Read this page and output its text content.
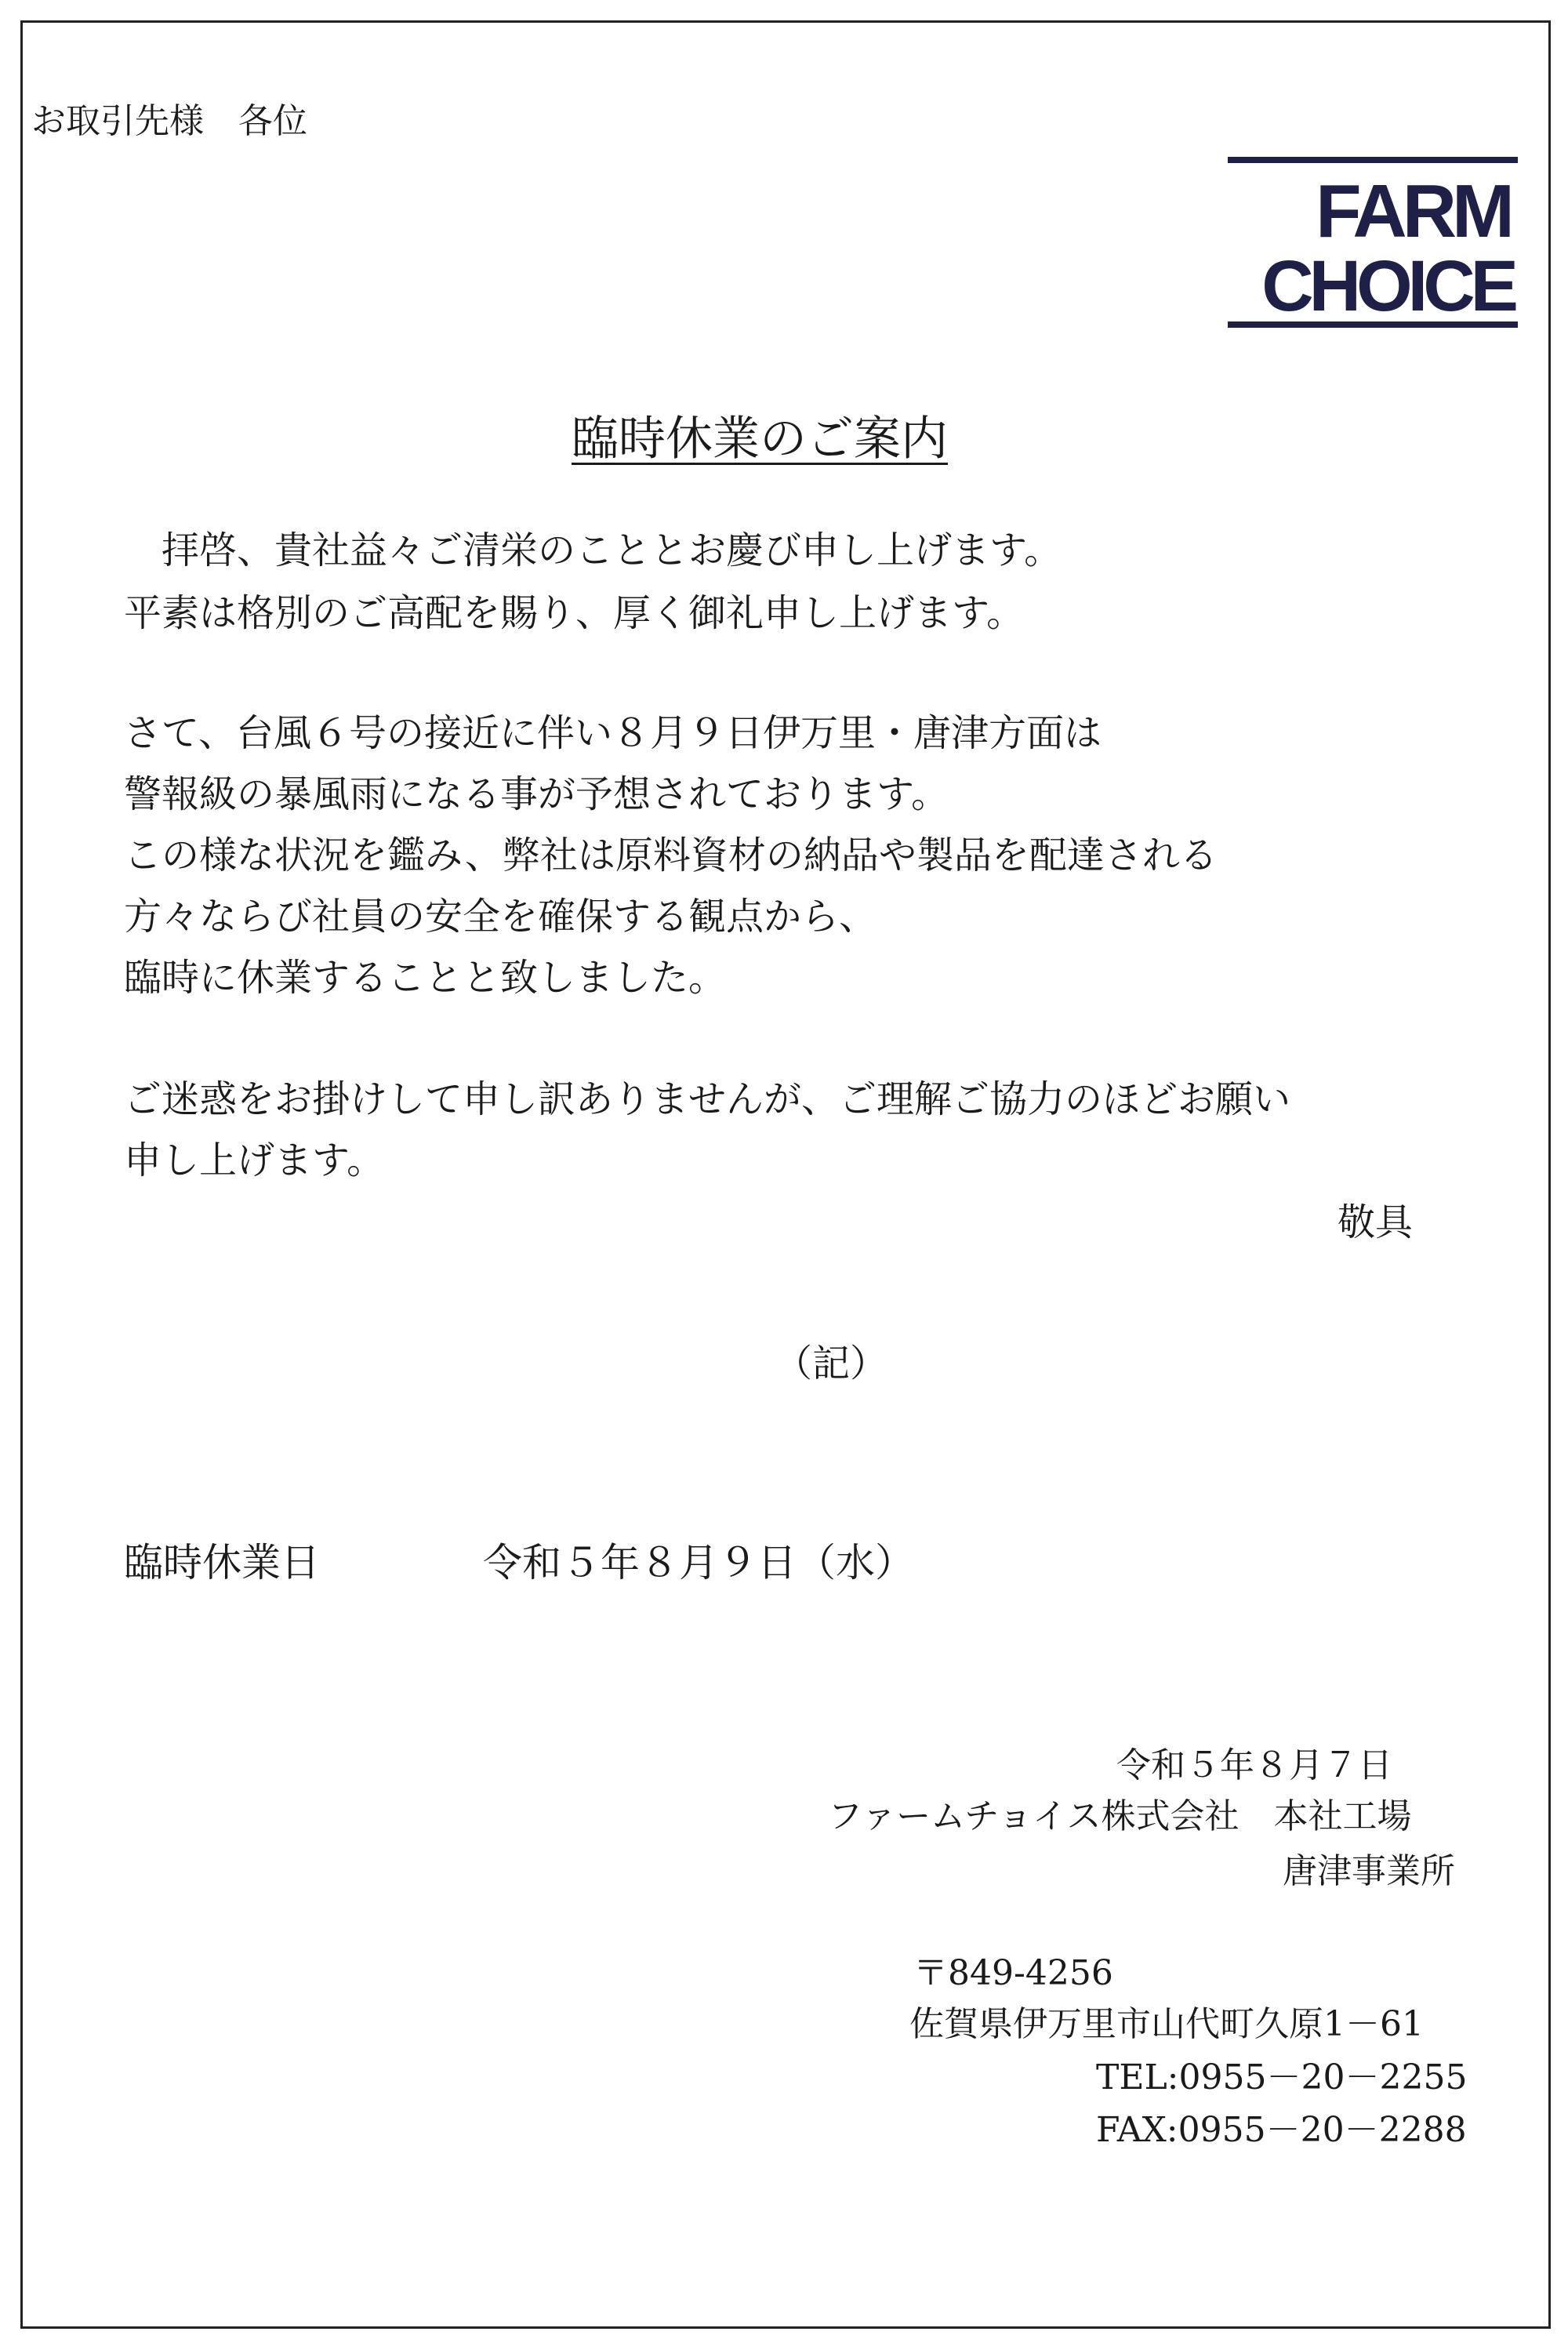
お取引先様　各位
FARM
CHOICE
臨時休業のご案内
　拝啓、貴社益々ご清栄のこととお慶び申し上げます。
平素は格別のご高配を賜り、厚く御礼申し上げます。
さて、台風６号の接近に伴い８月９日伊万里・唐津方面は
警報級の暴風雨になる事が予想されております。
この様な状況を鑑み、弊社は原料資材の納品や製品を配達される
方々ならび社員の安全を確保する観点から、
臨時に休業することと致しました。
ご迷惑をお掛けして申し訳ありませんが、ご理解ご協力のほどお願い
申し上げます。
敬具
（記）
臨時休業日	令和５年８月９日（水）
令和５年８月７日
ファームチョイス株式会社　本社工場
唐津事業所
〒849-4256
佐賀県伊万里市山代町久原1－61
TEL:0955－20－2255
FAX:0955－20－2288
